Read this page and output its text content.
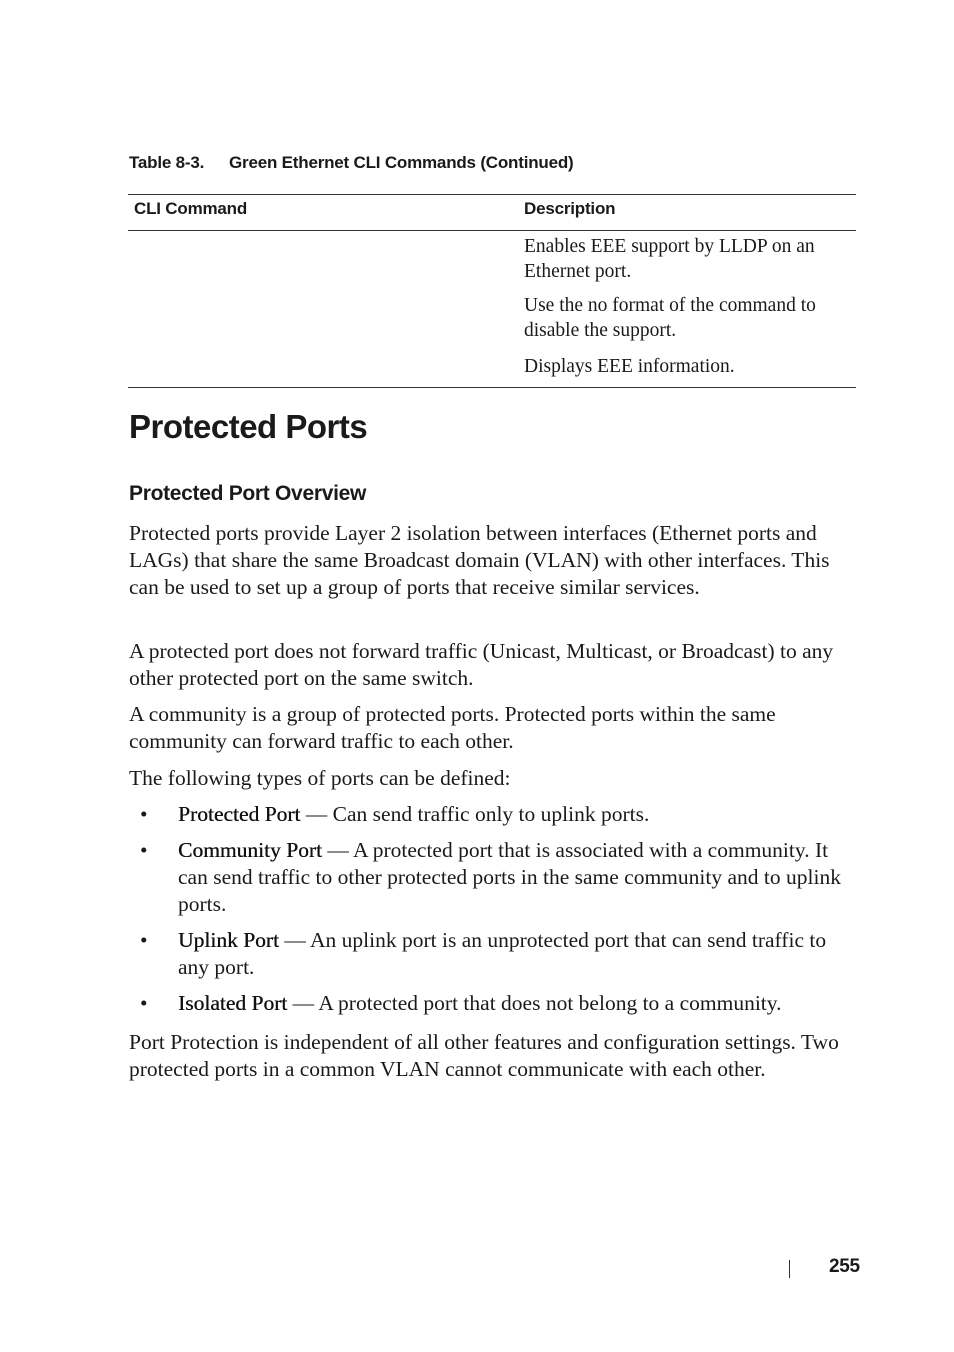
Table 8-3. Green Ethernet CLI Commands (Continued)
CLI Command	Description
Enables EEE support by LLDP on an Ethernet port.
Use the no format of the command to disable the support.
Displays EEE information.
Protected Ports
Protected Port Overview

Protected ports provide Layer 2 isolation between interfaces (Ethernet ports and LAGs) that share the same Broadcast domain (VLAN) with other interfaces. This can be used to set up a group of ports that receive similar services.

A protected port does not forward traffic (Unicast, Multicast, or Broadcast) to any other protected port on the same switch.

A community is a group of protected ports. Protected ports within the same community can forward traffic to each other.

The following types of ports can be defined:

• Protected Port — Can send traffic only to uplink ports.
• Community Port — A protected port that is associated with a community. It can send traffic to other protected ports in the same community and to uplink ports.
• Uplink Port — An uplink port is an unprotected port that can send traffic to any port.
• Isolated Port — A protected port that does not belong to a community.

Port Protection is independent of all other features and configuration settings. Two protected ports in a common VLAN cannot communicate with each other.

255
